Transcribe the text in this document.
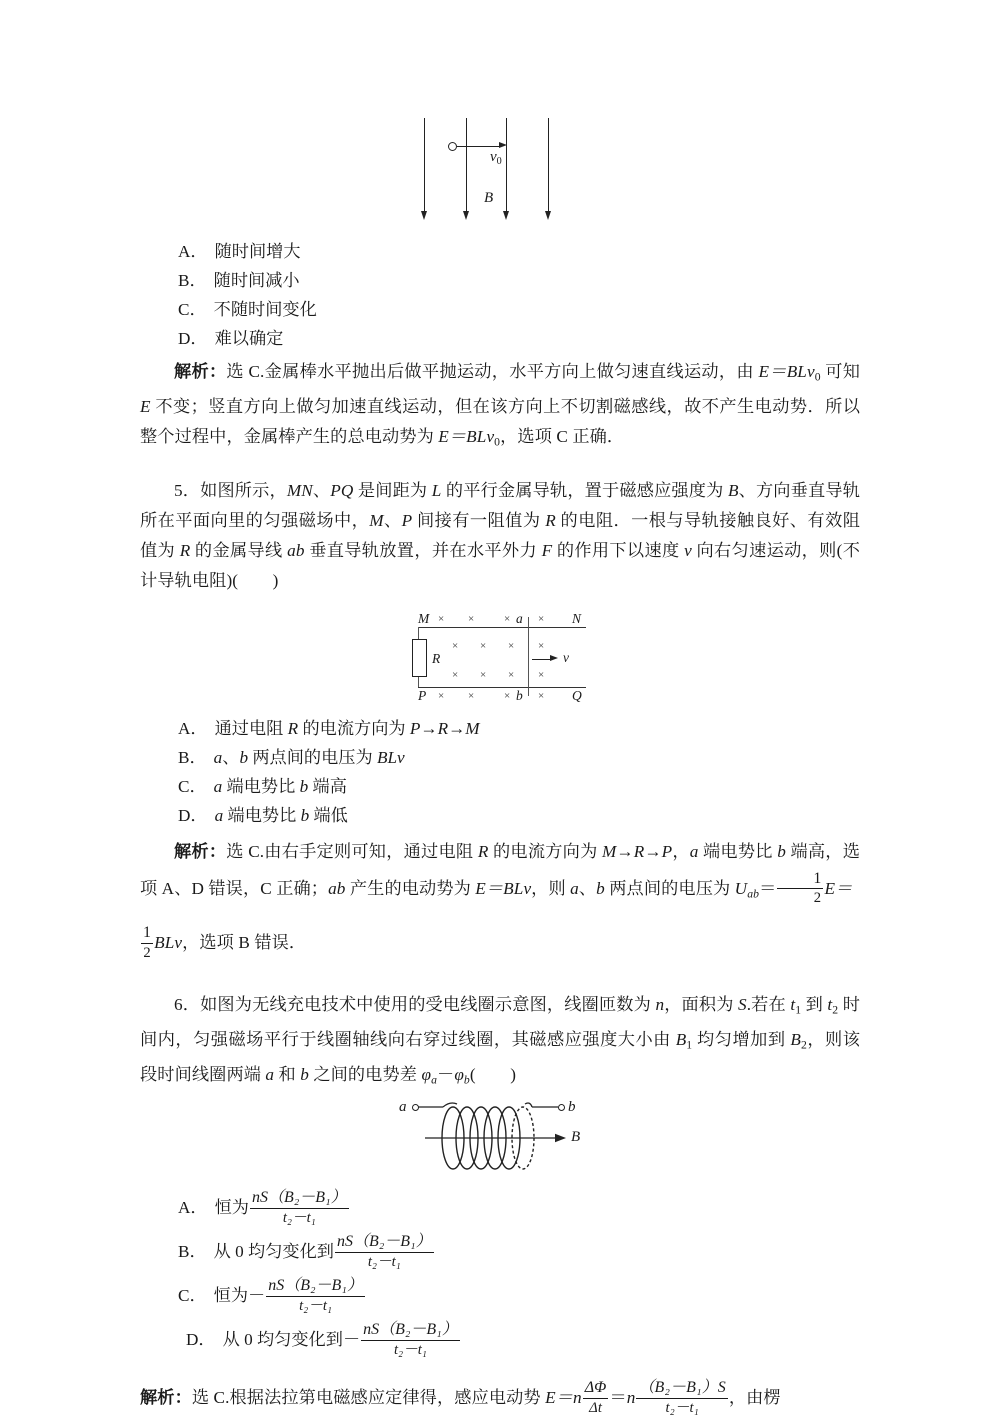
v0
B
A． 随时间增大
B． 随时间减小
C． 不随时间变化
D． 难以确定
解析：选 C.金属棒水平抛出后做平抛运动，水平方向上做匀速直线运动，由 E＝BLv0 可知 E 不变；竖直方向上做匀加速直线运动，但在该方向上不切割磁感线，故不产生电动势．所以整个过程中，金属棒产生的总电动势为 E＝BLv0，选项 C 正确．
5．如图所示，MN、PQ 是间距为 L 的平行金属导轨，置于磁感应强度为 B、方向垂直导轨所在平面向里的匀强磁场中，M、P 间接有一阻值为 R 的电阻．一根与导轨接触良好、有效阻值为 R 的金属导线 ab 垂直导轨放置，并在水平外力 F 的作用下以速度 v 向右匀速运动，则(不计导轨电阻)(　　)
M	N
P	Q
a
b
R	v
× ×	×	×
× × × ×
× × × ×
× ×	×	×
A． 通过电阻 R 的电流方向为 P→R→M
B． a、b 两点间的电压为 BLv
C． a 端电势比 b 端高
D． a 端电势比 b 端低
解析：选 C.由右手定则可知，通过电阻 R 的电流方向为 M→R→P，a 端电势比 b 端高，选项 A、D 错误，C 正确；ab 产生的电动势为 E＝BLv，则 a、b 两点间的电压为 $U_{ab}= \frac{1}{2} E=$
$\frac{1}{2}$ BLv，选项 B 错误．
6．如图为无线充电技术中使用的受电线圈示意图，线圈匝数为 n，面积为 S.若在 t1 到 t2 时间内，匀强磁场平行于线圈轴线向右穿过线圈，其磁感应强度大小由 B1 均匀增加到 B2，则该段时间线圈两端 a 和 b 之间的电势差 $\varphi_a-\varphi_b$(　　)
a	b
B
A． 恒为 $\frac{\text{nS（B₂－B₁）}}{\text{t₂－t₁}}$
B． 从 0 均匀变化到 $\frac{\text{nS（B₂－B₁）}}{\text{t₂－t₁}}$
C． 恒为－ $\frac{\text{nS（B₂－B₁）}}{\text{t₂－t₁}}$
D． 从 0 均匀变化到－ $\frac{\text{nS（B₂－B₁）}}{\text{t₂－t₁}}$
解析：选 C.根据法拉第电磁感应定律得，感应电动势 $E=n \frac{\Delta\Phi}{\Delta t} =n \frac{\text{（B₂－B₁）S}}{\text{t₂－t₁}}$ ，由楞
